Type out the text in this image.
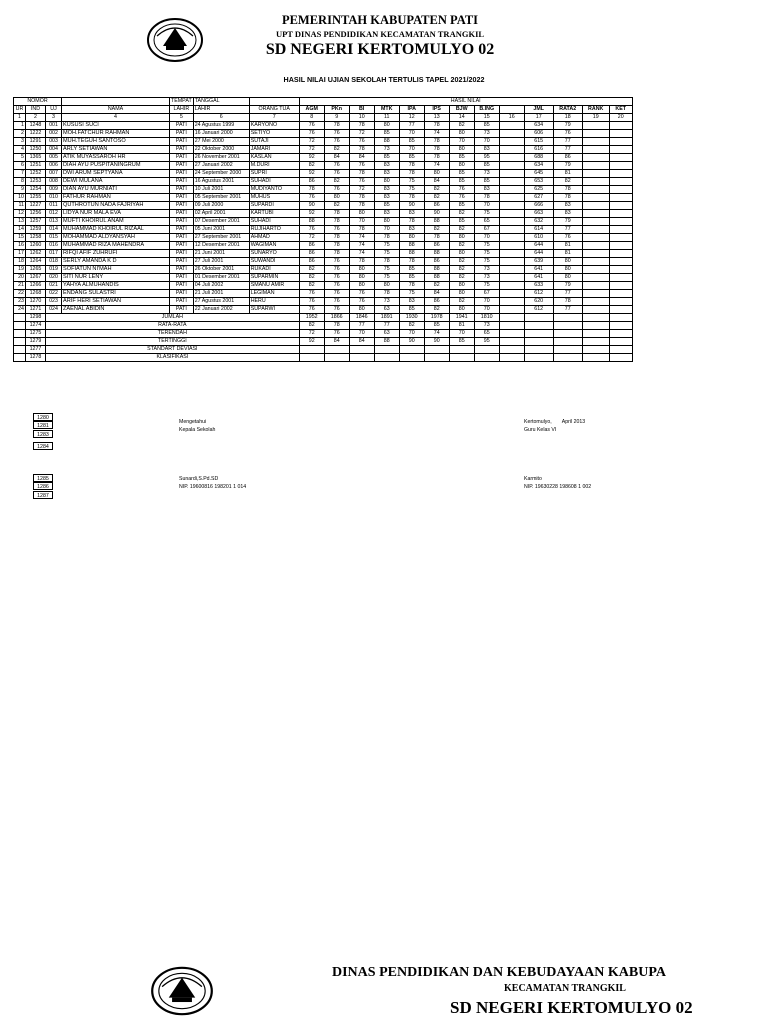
PEMERINTAH KABUPATEN PATI
UPT DINAS PENDIDIKAN KECAMATAN TRANGKIL
SD NEGERI KERTOMULYO 02
HASIL NILAI UJIAN SEKOLAH TERTULIS TAPEL 2021/2022
NOMOR				TEMPAT	TANGGAL		HASIL NILAI												
UR	IND	UJ	NAMA	LAHIR	LAHIR	ORANG TUA	AGM	PKn	BI	MTK	IPA	IPS	BJW	B.ING		JML	RATA2	RANK	KET
1	2	3	4	5	6	7	8	9	10	11	12	13	14	15	16	17	18	19	20
1	1248	001	KUSUSI SUCI	PATI	24 Agustus 1999	KARYONO	76	78	78	80	77	78	82	85		634	79		
2	1222	002	MOH.FATCHUR RAHMAN	PATI	16 Januari 2000	SETIYO	76	76	72	85	70	74	80	73		606	76		
3	1291	003	MUH.TEGUH SANTOSO	PATI	27 Mei 2000	SUTAJI	72	76	76	88	85	78	70	70		615	77		
4	1250	004	ARLY SETIAWAN	PATI	22 Oktober 2000	JAMARI	72	82	78	73	70	78	80	83		616	77		
5	1365	005	ATIK MUYASSAROH HR	PATI	26 November 2001	KASLAN	92	84	84	85	85	78	85	95		688	86		
6	1251	006	DIAH AYU PUSPITANINGRUM	PATI	27 Januari 2002	M.DURI	82	76	76	83	78	74	80	85		634	79		
7	1252	007	DWI ARUM SEPTYANA	PATI	24 September 2000	SUPRI	92	76	78	83	78	80	85	73		645	81		
8	1253	008	DEWI MULANA	PATI	16 Agustus 2001	SUHADI	86	82	76	80	75	84	85	85		653	82		
9	1254	009	DIAN AYU MURNIATI	PATI	10 Juli 2001	MUDIYANTO	78	76	72	83	75	82	76	83		625	78		
10	1255	010	FATHUR RAHMAN	PATI	05 September 2001	MUHUS	76	80	78	83	78	82	76	78		627	78		
11	1227	011	QUTHROTUN NADA FAJRIYAH	PATI	09 Juli 2000	SUPARDI	90	82	78	85	90	86	85	70		666	83		
12	1256	012	LIDYA NUR MALA EVA	PATI	02 April 2001	KARTUBI	92	78	80	83	83	90	82	75		663	83		
13	1257	013	MUFTI KHOIRUL ANAM	PATI	07 Desember 2001	SUHADI	88	78	70	80	78	88	85	65		632	79		
14	1259	014	MUHAMMAD KHOIRUL RIZAAL	PATI	05 Juni 2001	RUJIHARTO	76	76	78	70	83	82	82	67		614	77		
15	1258	015	MOHAMMAD ALDYANSYAH	PATI	27 September 2001	AHMAD	72	78	74	78	80	78	80	70		610	76		
16	1260	016	MUHAMMAD RIZA MAHENDRA	PATI	12 Desember 2001	WAGIMAN	86	78	74	75	88	86	82	75		644	81		
17	1262	017	RIFQI AFIF ZUHRUFI	PATI	21 Juni 2001	SUNARYO	86	78	74	75	88	88	80	75		644	81		
18	1264	018	SERLY AMANDA K D	PATI	27 Juli 2001	SUWANDI	86	76	78	78	78	86	82	75		639	80		
19	1265	019	SOFIATUN NI'MAH	PATI	26 Oktober 2001	RUKADI	82	76	80	75	85	88	82	73		641	80		
20	1267	020	SITI NUR LENY	PATI	01 Desember 2001	SUPARMIN	82	76	80	75	85	88	82	73		641	80		
21	1266	021	YAHYA ALMUHANDIS	PATI	04 Juli 2002	SMANU AMIR	82	76	80	80	78	82	80	75		633	79		
22	1268	022	ENDANG SULASTRI	PATI	21 Juli 2001	LEGIMAN	76	76	76	78	75	84	80	67		612	77		
23	1270	023	ARIF HERI SETIAWAN	PATI	27 Agustus 2001	HERU	76	76	76	73	83	86	82	70		620	78		
24	1271	024	ZAENAL ABIDIN	PATI	22 Januari 2002	SUPARWI	76	76	80	63	85	82	80	70		612	77		
	1298	JUMLAH					1952	1866	1846	1891	1930	1978	1941	1810					
	1274	RATA-RATA					82	78	77	77	82	85	81	73					
	1275	TERENDAH					72	76	70	63	70	74	70	65					
	1279	TERTINGGI					92	84	84	88	90	90	85	95					
	1277	STANDART DEVIASI																	
	1278	KLASIFIKASI																	
1280
1281
1283
1284
1285
1286
1287
Mengetahui
Kepala Sekolah
Sunardi,S.Pd.SD
NIP. 19600816 198201 1 014
Kertomulyo, April 2013
Guru Kelas VI
Karmito
NIP. 19630228 198608 1 002
DINAS PENDIDIKAN DAN KEBUDAYAAN KABUPA
KECAMATAN TRANGKIL
SD NEGERI KERTOMULYO 02
